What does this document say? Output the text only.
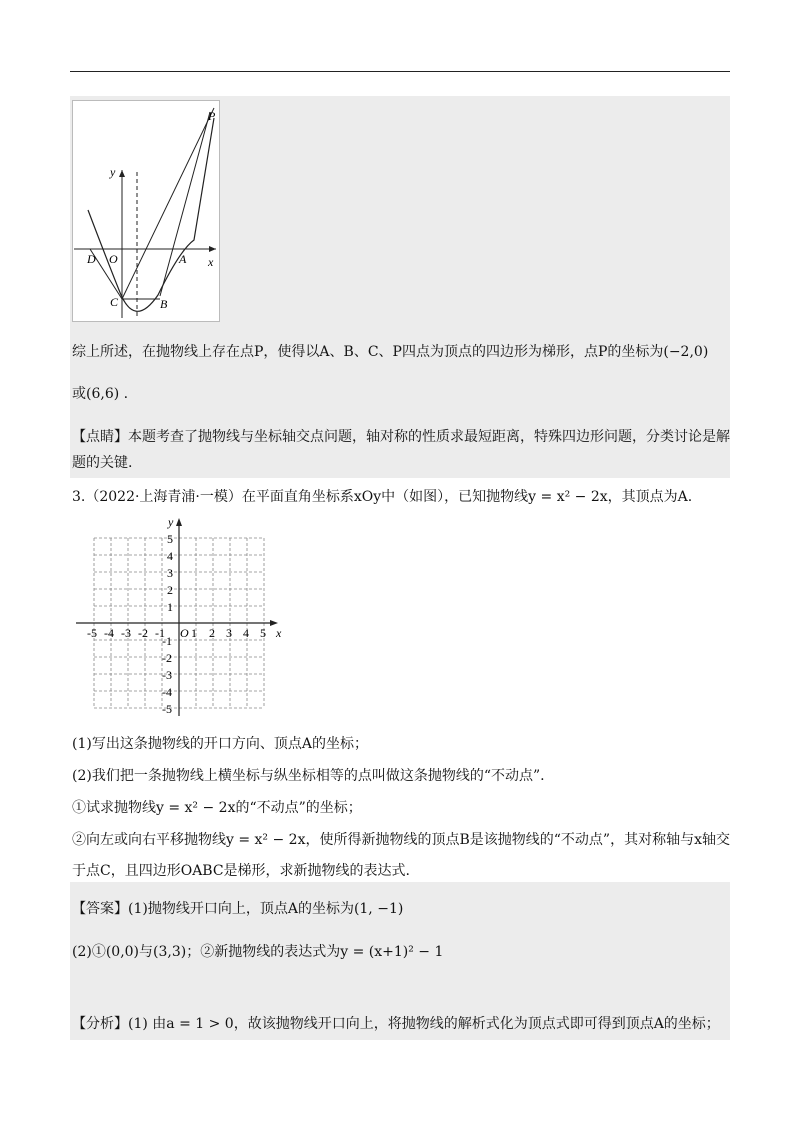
P
y
D O	A x
C	B
综上所述，在抛物线上存在点P，使得以A、B、C、P四点为顶点的四边形为梯形，点P的坐标为(−2,0)
或(6,6) .
【点睛】本题考查了抛物线与坐标轴交点问题，轴对称的性质求最短距离，特殊四边形问题，分类讨论是解题的关键.
3.（2022·上海青浦·一模）在平面直角坐标系xOy中（如图），已知抛物线y = x² − 2x，其顶点为A.
y
x
-5 -4 -3 -2 -1 O 1 2 3 4 5
5
4
3
2
1
-1
-2
-3
-4
-5
(1)写出这条抛物线的开口方向、顶点A的坐标；
(2)我们把一条抛物线上横坐标与纵坐标相等的点叫做这条抛物线的“不动点”.
①试求抛物线y = x² − 2x的“不动点”的坐标；
②向左或向右平移抛物线y = x² − 2x，使所得新抛物线的顶点B是该抛物线的“不动点”，其对称轴与x轴交
于点C，且四边形OABC是梯形，求新抛物线的表达式.
【答案】(1)抛物线开口向上，顶点A的坐标为(1, −1)
(2)①(0,0)与(3,3)；②新抛物线的表达式为y = (x+1)² − 1
【分析】(1) 由a = 1 > 0，故该抛物线开口向上，将抛物线的解析式化为顶点式即可得到顶点A的坐标；
